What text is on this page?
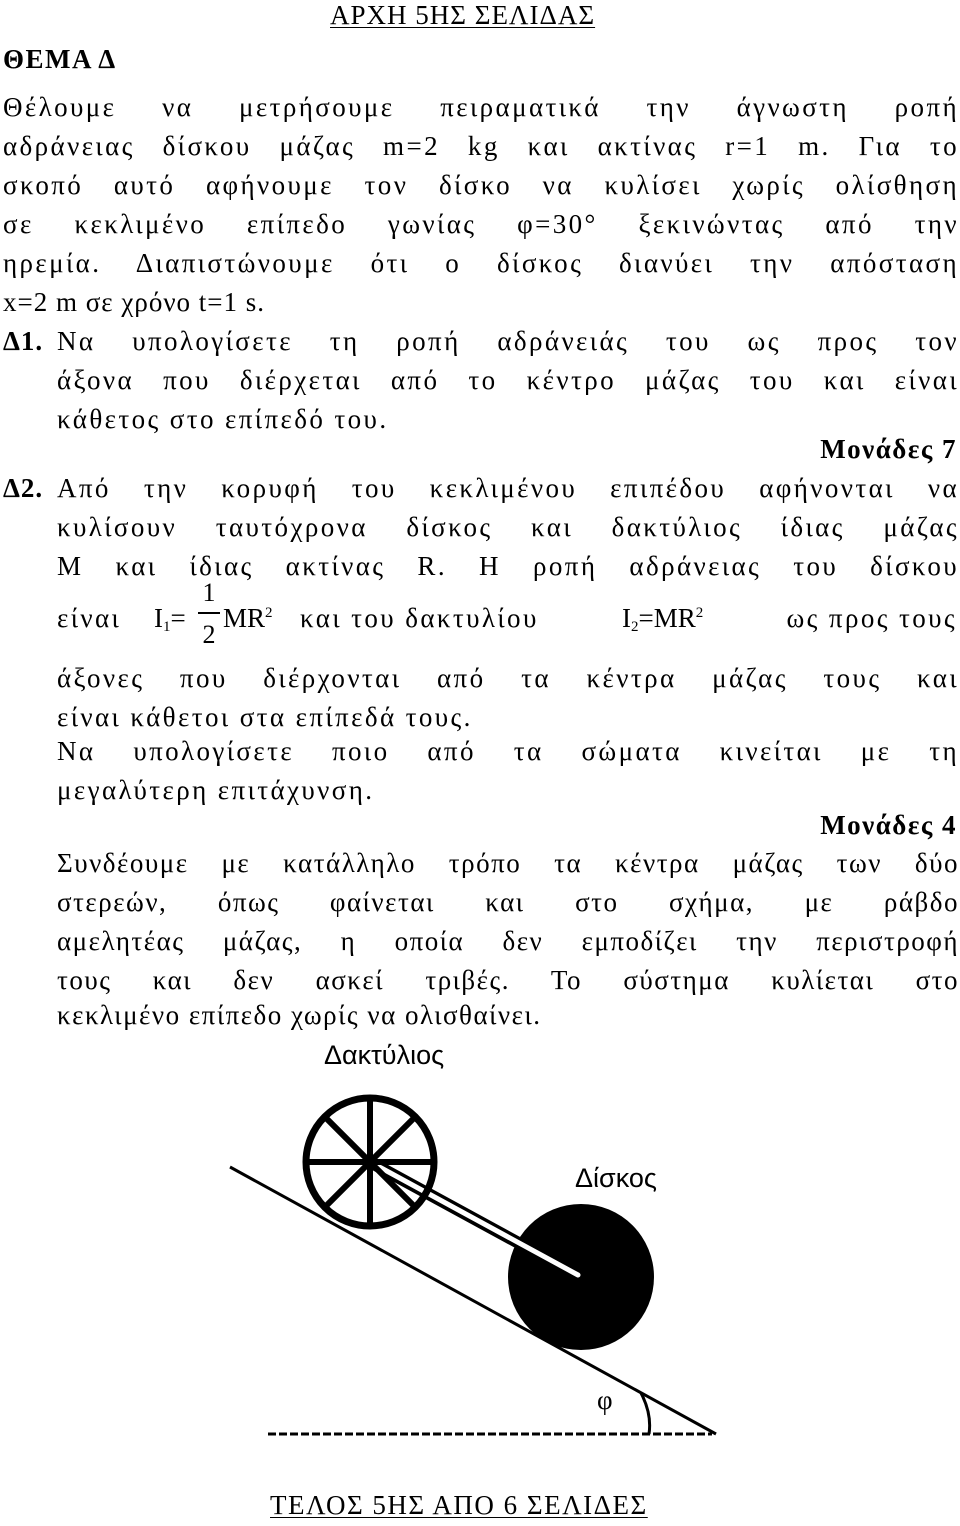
ΑΡΧΗ 5ΗΣ ΣΕΛΙΔΑΣ
ΘΕΜΑ Δ
Θέλουμε να μετρήσουμε πειραματικά την άγνωστη ροπή
αδράνειας δίσκου μάζας m=2 kg και ακτίνας r=1 m. Για το
σκοπό αυτό αφήνουμε τον δίσκο να κυλίσει χωρίς ολίσθηση
σε κεκλιμένο επίπεδο γωνίας φ=30° ξεκινώντας από την
ηρεμία. Διαπιστώνουμε ότι ο δίσκος διανύει την απόσταση
x=2 m σε χρόνο t=1 s.
Δ1. Να υπολογίσετε τη ροπή αδράνειάς του ως προς τον
άξονα που διέρχεται από το κέντρο μάζας του και είναι
κάθετος στο επίπεδό του.
Μονάδες 7
Δ2. Από την κορυφή του κεκλιμένου επιπέδου αφήνονται να
κυλίσουν ταυτόχρονα δίσκος και δακτύλιος ίδιας μάζας
Μ και ίδιας ακτίνας R. Η ροπή αδράνειας του δίσκου
είναι $I_1=$
1
2
$MR^2$ και του δακτυλίου	$I_2=MR^2$	ως προς τους
άξονες που διέρχονται από τα κέντρα μάζας τους και
είναι κάθετοι στα επίπεδά τους.
Να υπολογίσετε ποιο από τα σώματα κινείται με τη
μεγαλύτερη επιτάχυνση.
Μονάδες 4
Συνδέουμε με κατάλληλο τρόπο τα κέντρα μάζας των δύο
στερεών, όπως φαίνεται και στο σχήμα, με ράβδο
αμελητέας μάζας, η οποία δεν εμποδίζει την περιστροφή
τους και δεν ασκεί τριβές. Το σύστημα κυλίεται στο
κεκλιμένο επίπεδο χωρίς να ολισθαίνει.
Δακτύλιος
Δίσκος
φ
ΤΕΛΟΣ 5ΗΣ ΑΠΟ 6 ΣΕΛΙΔΕΣ
